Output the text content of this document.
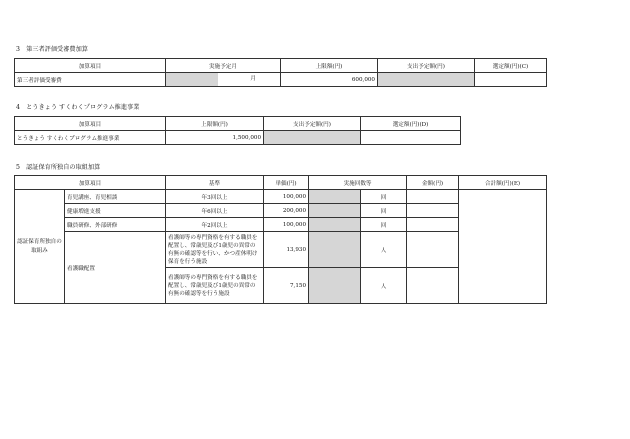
3　第三者評価受審費加算
加算項目	実施予定月	上限額(円)	支出予定額(円)	選定額(円)(C)
第三者評価受審費	月	600,000		
4　とうきょう すくわくプログラム推進事業
加算項目	上限額(円)	支出予定額(円)	選定額(円)(D)
とうきょう すくわくプログラム推進事業	1,500,000		
5　認証保育所独自の取組加算
加算項目		基準	単価(円)	実施回数等		金額(円)	合計額(円)(E)
認証保育所独自の取組み	育児講座、育児相談	年3回以上	100,000		回		
	健康増進支援	年6回以上	200,000		回		
	職員研修、外部研修	年2回以上	100,000		回		
	看護職配置	看護師等の専門資格を有する職員を配置し、常歳児及び1歳児の異常の有無の確認等を行い、かつ産休明け保育を行う施設	13,930		人		
		看護師等の専門資格を有する職員を配置し、常歳児及び1歳児の異常の有無の確認等を行う施設	7,150		人		
